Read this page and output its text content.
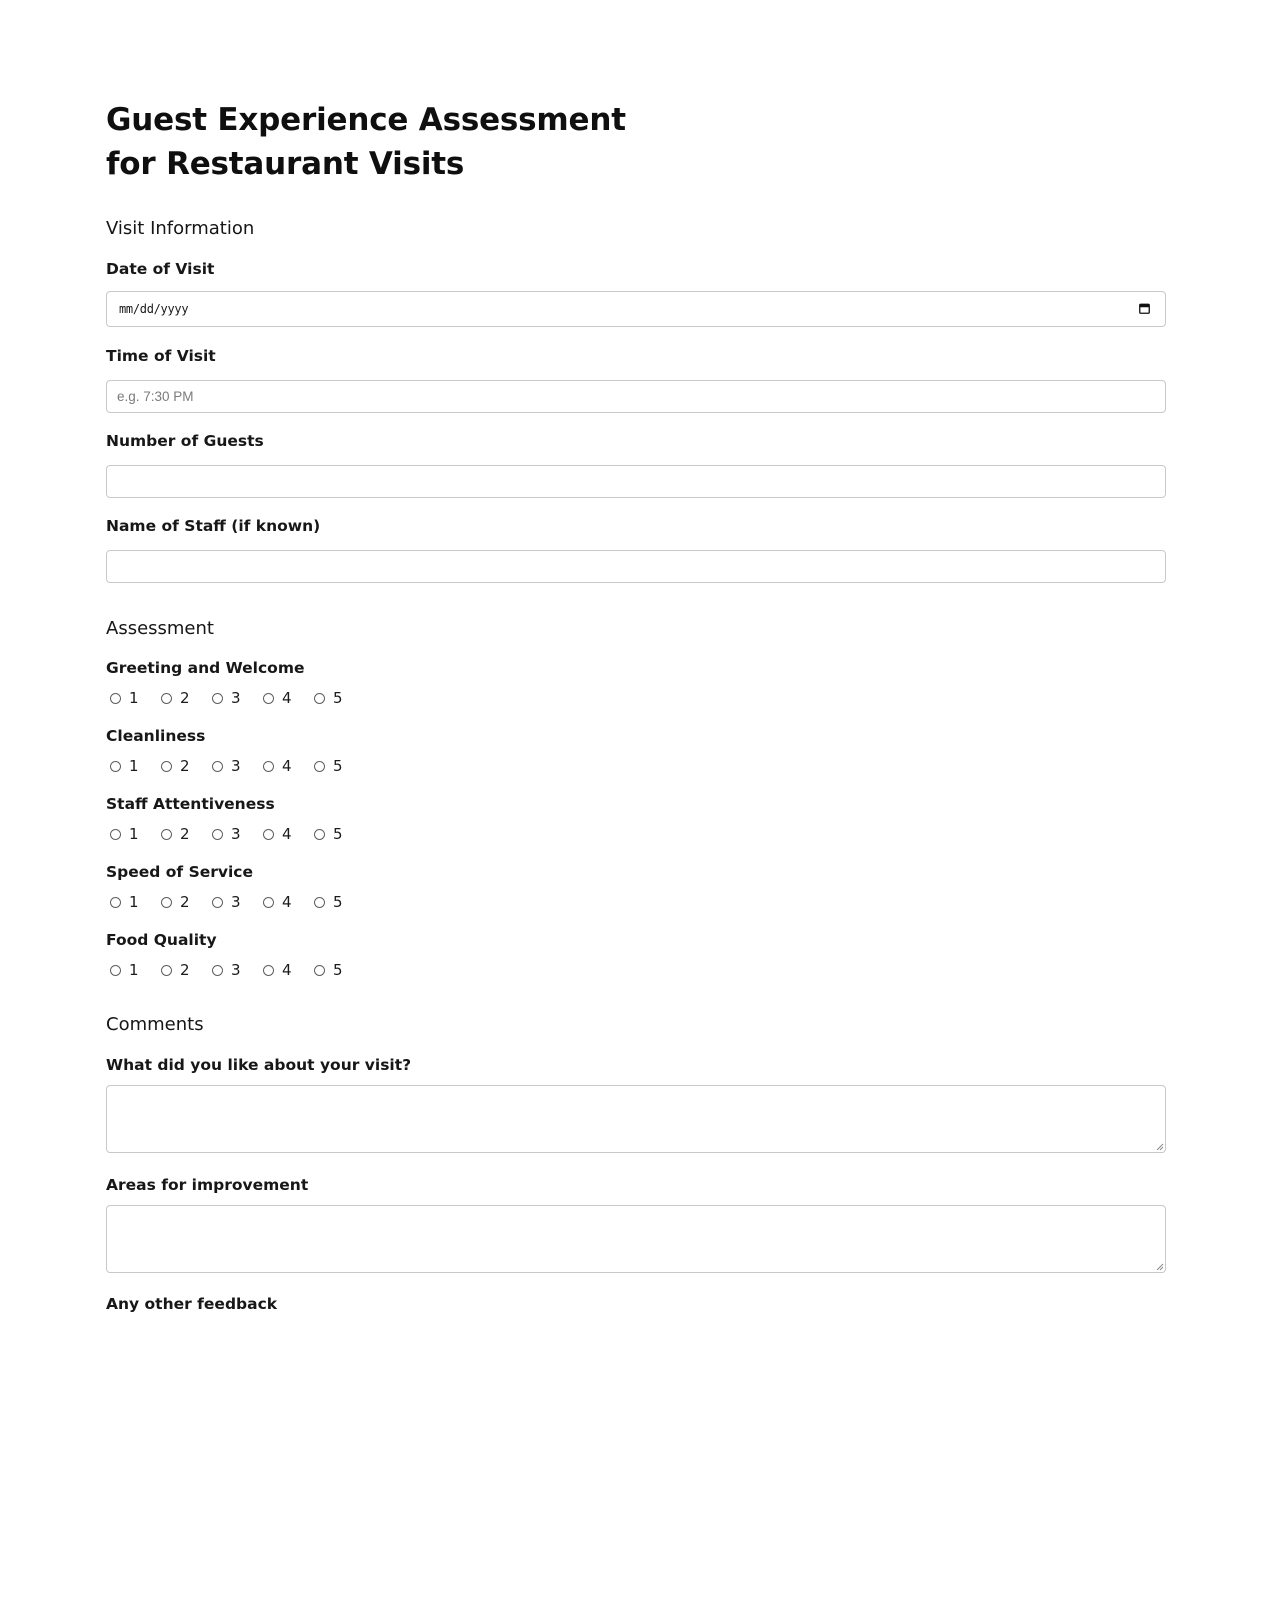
Guest Experience Assessment for Restaurant Visits
Visit Information
Date of Visit
mm/dd/yyyy
Time of Visit
e.g. 7:30 PM
Number of Guests
Name of Staff (if known)
Assessment
Greeting and Welcome
1	2	3	4	5
Cleanliness
1	2	3	4	5
Staff Attentiveness
1	2	3	4	5
Speed of Service
1	2	3	4	5
Food Quality
1	2	3	4	5
Comments
What did you like about your visit?
Areas for improvement
Any other feedback
